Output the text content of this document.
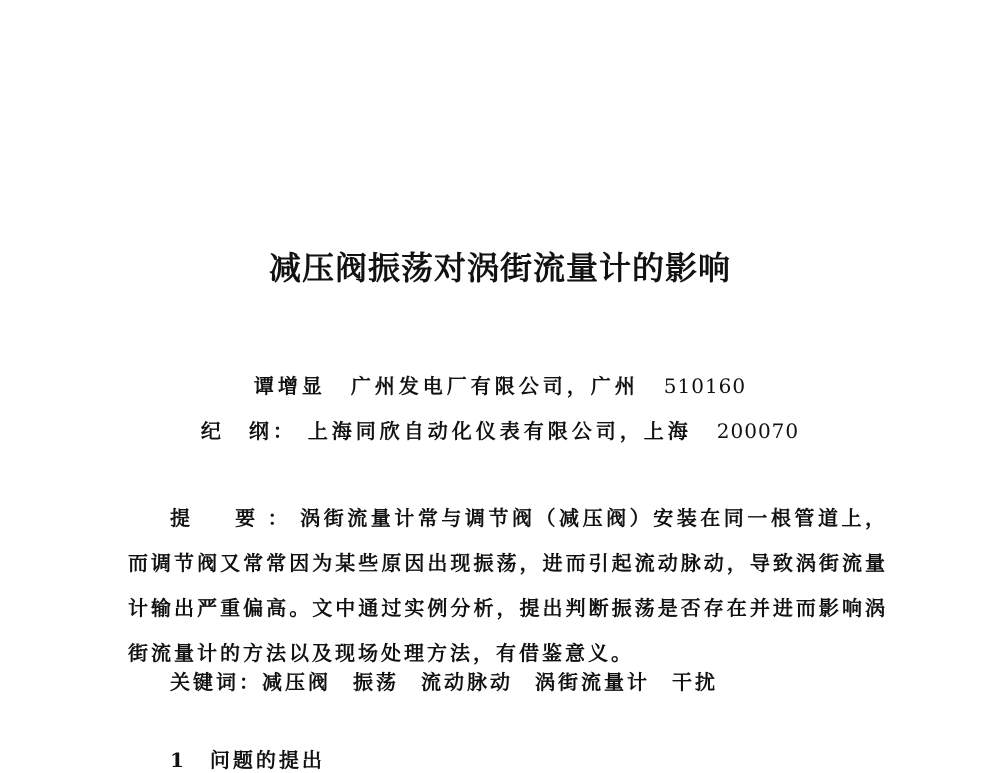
减压阀振荡对涡街流量计的影响
谭增显 广州发电厂有限公司，广州 510160
纪　纲： 上海同欣自动化仪表有限公司，上海 200070
提　要：涡街流量计常与调节阀（减压阀）安装在同一根管道上，而调节阀又常常因为某些原因出现振荡，进而引起流动脉动，导致涡街流量计输出严重偏高。文中通过实例分析，提出判断振荡是否存在并进而影响涡街流量计的方法以及现场处理方法，有借鉴意义。
关键词：减压阀 振荡 流动脉动 涡街流量计 干扰
1　问题的提出
